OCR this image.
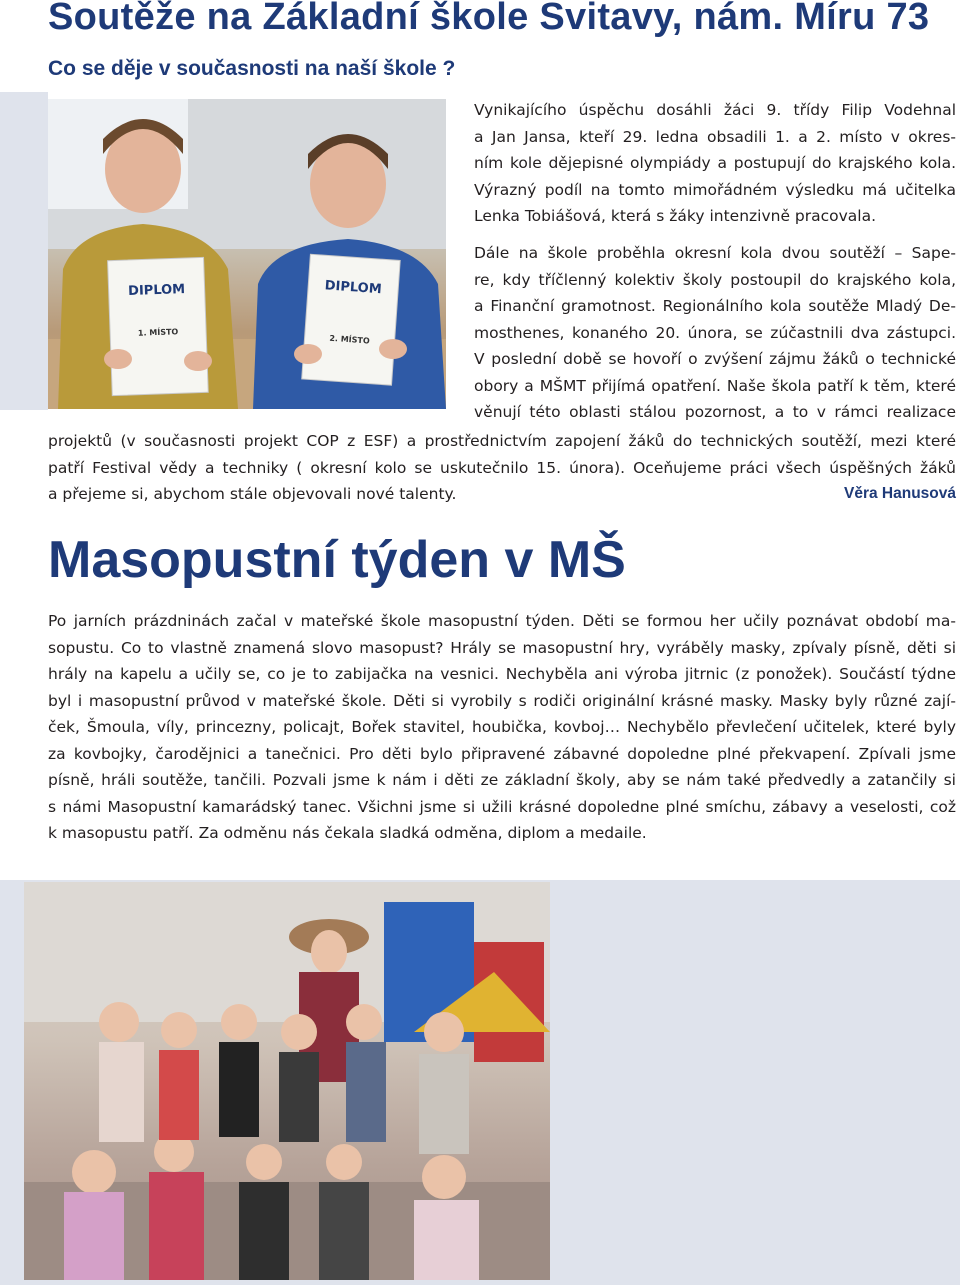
Soutěže na Základní škole Svitavy, nám. Míru 73
Co se děje v současnosti na naší škole ?
DIPLOM
1. MÍSTO
DIPLOM
2. MÍSTO
Vynikajícího úspěchu dosáhli žáci 9. třídy Filip Vodehnal
a Jan Jansa, kteří 29. ledna obsadili 1. a 2. místo v okres-
ním kole dějepisné olympiády a postupují do krajského kola.
Výrazný podíl na tomto mimořádném výsledku má učitelka
Lenka Tobiášová, která s žáky intenzivně pracovala.
Dále na škole proběhla okresní kola dvou soutěží – Sape-
re, kdy tříčlenný kolektiv školy postoupil do krajského kola,
a Finanční gramotnost. Regionálního kola soutěže Mladý De-
mosthenes, konaného 20. února, se zúčastnili dva zástupci.
V poslední době se hovoří o zvýšení zájmu žáků o technické
obory a MŠMT přijímá opatření. Naše škola patří k těm, které
věnují této oblasti stálou pozornost, a to v rámci realizace
projektů (v současnosti projekt COP z ESF) a prostřednictvím zapojení žáků do technických soutěží, mezi které
patří Festival vědy a techniky ( okresní kolo se uskutečnilo 15. února). Oceňujeme práci všech úspěšných žáků
a přejeme si, abychom stále objevovali nové talenty.	Věra Hanusová
Masopustní týden v MŠ
Po jarních prázdninách začal v mateřské škole masopustní týden. Děti se formou her učily poznávat období ma-
sopustu. Co to vlastně znamená slovo masopust? Hrály se masopustní hry, vyráběly masky, zpívaly písně, děti si
hrály na kapelu a učily se, co je to zabijačka na vesnici. Nechyběla ani výroba jitrnic (z ponožek). Součástí týdne
byl i masopustní průvod v mateřské škole. Děti si vyrobily s rodiči originální krásné masky. Masky byly různé zají-
ček, Šmoula, víly, princezny, policajt, Bořek stavitel, houbička, kovboj… Nechybělo převlečení učitelek, které byly
za kovbojky, čarodějnici a tanečnici. Pro děti bylo připravené zábavné dopoledne plné překvapení. Zpívali jsme
písně, hráli soutěže, tančili. Pozvali jsme k nám i děti ze základní školy, aby se nám také předvedly a zatančily si
s námi Masopustní kamarádský tanec. Všichni jsme si užili krásné dopoledne plné smíchu, zábavy a veselosti, což
k masopustu patří. Za odměnu nás čekala sladká odměna, diplom a medaile.
